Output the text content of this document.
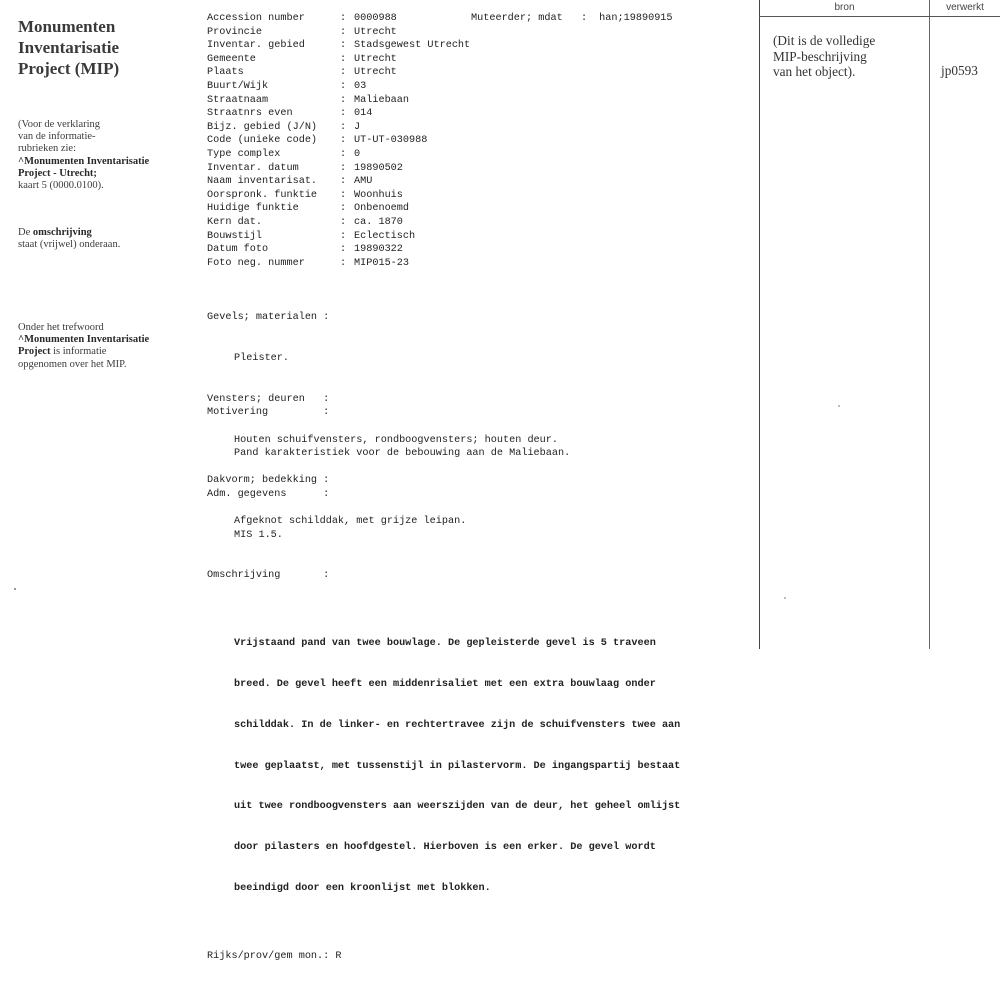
Monumenten
Inventarisatie
Project (MIP)
(Voor de verklaring
van de informatie-
rubrieken zie:
^Monumenten Inventarisatie
Project - Utrecht;
kaart 5 (0000.0100).
De omschrijving
staat (vrijwel) onderaan.
Onder het trefwoord
^Monumenten Inventarisatie
Project is informatie
opgenomen over het MIP.
Muteerder; mdat : han;19890915
Accession number	: 0000988
Provincie	: Utrecht
Inventar. gebied	: Stadsgewest Utrecht
Gemeente	: Utrecht
Plaats	: Utrecht
Buurt/Wijk	: 03
Straatnaam	: Maliebaan
Straatnrs even	: 014
Bijz. gebied (J/N) : J
Code (unieke code) : UT-UT-030988
Type complex	: 0
Inventar. datum	: 19890502
Naam inventarisat. : AMU
Oorspronk. funktie : Woonhuis
Huidige funktie	: Onbenoemd
Kern dat.	: ca. 1870
Bouwstijl	: Eclectisch
Datum foto	: 19890322
Foto neg. nummer	: MIP015-23

Gevels; materialen :

Pleister.

Vensters; deuren   :

Houten schuifvensters, rondboogvensters; houten deur.

Dakvorm; bedekking :

Afgeknot schilddak, met grijze leipan.

Motivering         :

Pand karakteristiek voor de bebouwing aan de Maliebaan.

Adm. gegevens      :

MIS 1.5.

Omschrijving       :

Vrijstaand pand van twee bouwlage. De gepleisterde gevel is 5 traveen

breed. De gevel heeft een middenrisaliet met een extra bouwlaag onder

schilddak. In de linker- en rechtertravee zijn de schuifvensters twee aan

twee geplaatst, met tussenstijl in pilastervorm. De ingangspartij bestaat

uit twee rondboogvensters aan weerszijden van de deur, het geheel omlijst

door pilasters en hoofdgestel. Hierboven is een erker. De gevel wordt

beeindigd door een kroonlijst met blokken.

Rijks/prov/gem mon.: R

bron	verwerkt
(Dit is de volledige
MIP-beschrijving
van het object).	jp0593
